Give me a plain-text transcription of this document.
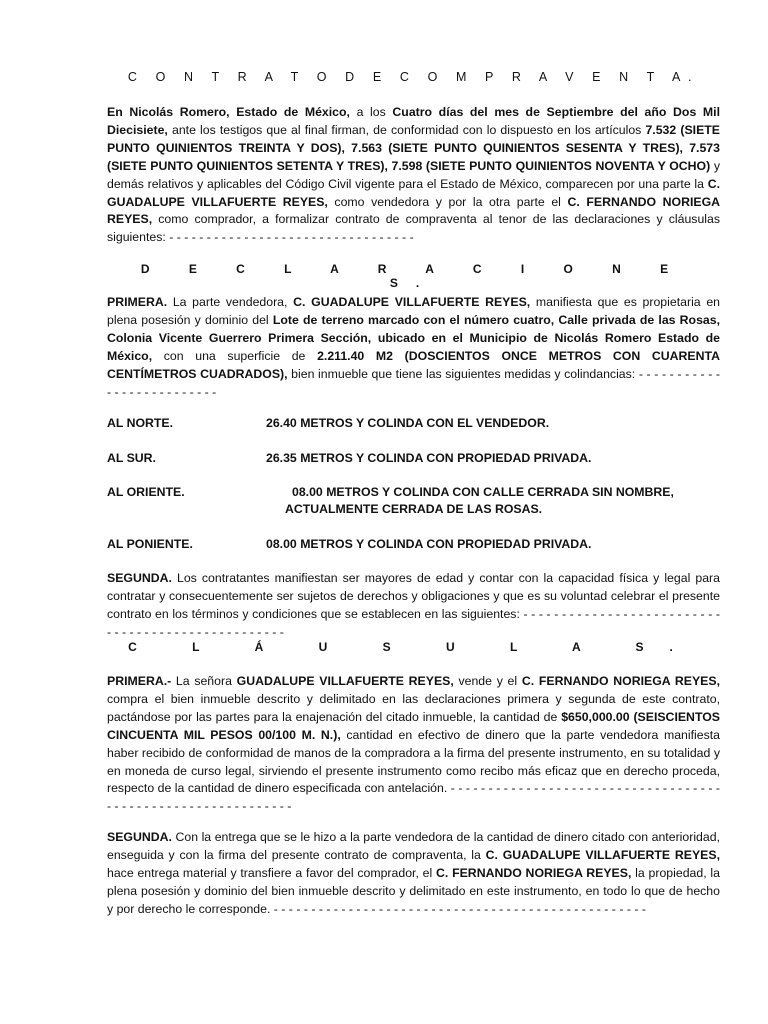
C O N T R A T O D E C O M P R A V E N T A.

En Nicolás Romero, Estado de México, a los Cuatro días del mes de Septiembre del año Dos Mil Diecisiete, ante los testigos que al final firman, de conformidad con lo dispuesto en los artículos 7.532 (SIETE PUNTO QUINIENTOS TREINTA Y DOS), 7.563 (SIETE PUNTO QUINIENTOS SESENTA Y TRES), 7.573 (SIETE PUNTO QUINIENTOS SETENTA Y TRES), 7.598 (SIETE PUNTO QUINIENTOS NOVENTA Y OCHO) y demás relativos y aplicables del Código Civil vigente para el Estado de México, comparecen por una parte la C. GUADALUPE VILLAFUERTE REYES, como vendedora y por la otra parte el C. FERNANDO NORIEGA REYES, como comprador, a formalizar contrato de compraventa al tenor de las declaraciones y cláusulas siguientes: - - - - - - - - - - - - - - - - - - - - - - - - - - - - - - - - -

D E C L A R A C I O N E S.

PRIMERA. La parte vendedora, C. GUADALUPE VILLAFUERTE REYES, manifiesta que es propietaria en plena posesión y dominio del Lote de terreno marcado con el número cuatro, Calle privada de las Rosas, Colonia Vicente Guerrero Primera Sección, ubicado en el Municipio de Nicolás Romero Estado de México, con una superficie de 2.211.40 M2 (DOSCIENTOS ONCE METROS CON CUARENTA CENTÍMETROS CUADRADOS), bien inmueble que tiene las siguientes medidas y colindancias: - - - - - - - - - - - - - - - - - - - - - - - - - -

AL NORTE.	26.40 METROS Y COLINDA CON EL VENDEDOR.
AL SUR.	26.35 METROS Y COLINDA CON PROPIEDAD PRIVADA.
AL ORIENTE.	08.00 METROS Y COLINDA CON CALLE CERRADA SIN NOMBRE,
ACTUALMENTE CERRADA DE LAS ROSAS.
AL PONIENTE.	08.00 METROS Y COLINDA CON PROPIEDAD PRIVADA.

SEGUNDA. Los contratantes manifiestan ser mayores de edad y contar con la capacidad física y legal para contratar y consecuentemente ser sujetos de derechos y obligaciones y que es su voluntad celebrar el presente contrato en los términos y condiciones que se establecen en las siguientes: - - - - - - - - - - - - - - - - - - - - - - - - - - - - - - - - - - - - - - - - - - - - - - - - - -

C L Á U S U L A S.

PRIMERA.- La señora GUADALUPE VILLAFUERTE REYES, vende y el C. FERNANDO NORIEGA REYES, compra el bien inmueble descrito y delimitado en las declaraciones primera y segunda de este contrato, pactándose por las partes para la enajenación del citado inmueble, la cantidad de $650,000.00 (SEISCIENTOS CINCUENTA MIL PESOS 00/100 M. N.), cantidad en efectivo de dinero que la parte vendedora manifiesta haber recibido de conformidad de manos de la compradora a la firma del presente instrumento, en su totalidad y en moneda de curso legal, sirviendo el presente instrumento como recibo más eficaz que en derecho proceda, respecto de la cantidad de dinero especificada con antelación. - - - - - - - - - - - - - - - - - - - - - - - - - - - - - - - - - - - - - - - - - - - - - - - - - - - - - - - - - - - - -

SEGUNDA. Con la entrega que se le hizo a la parte vendedora de la cantidad de dinero citado con anterioridad, enseguida y con la firma del presente contrato de compraventa, la C. GUADALUPE VILLAFUERTE REYES, hace entrega material y transfiere a favor del comprador, el C. FERNANDO NORIEGA REYES, la propiedad, la plena posesión y dominio del bien inmueble descrito y delimitado en este instrumento, en todo lo que de hecho y por derecho le corresponde. - - - - - - - - - - - - - - - - - - - - - - - - - - - - - - - - - - - - - - - - - - - - - - - - - -
